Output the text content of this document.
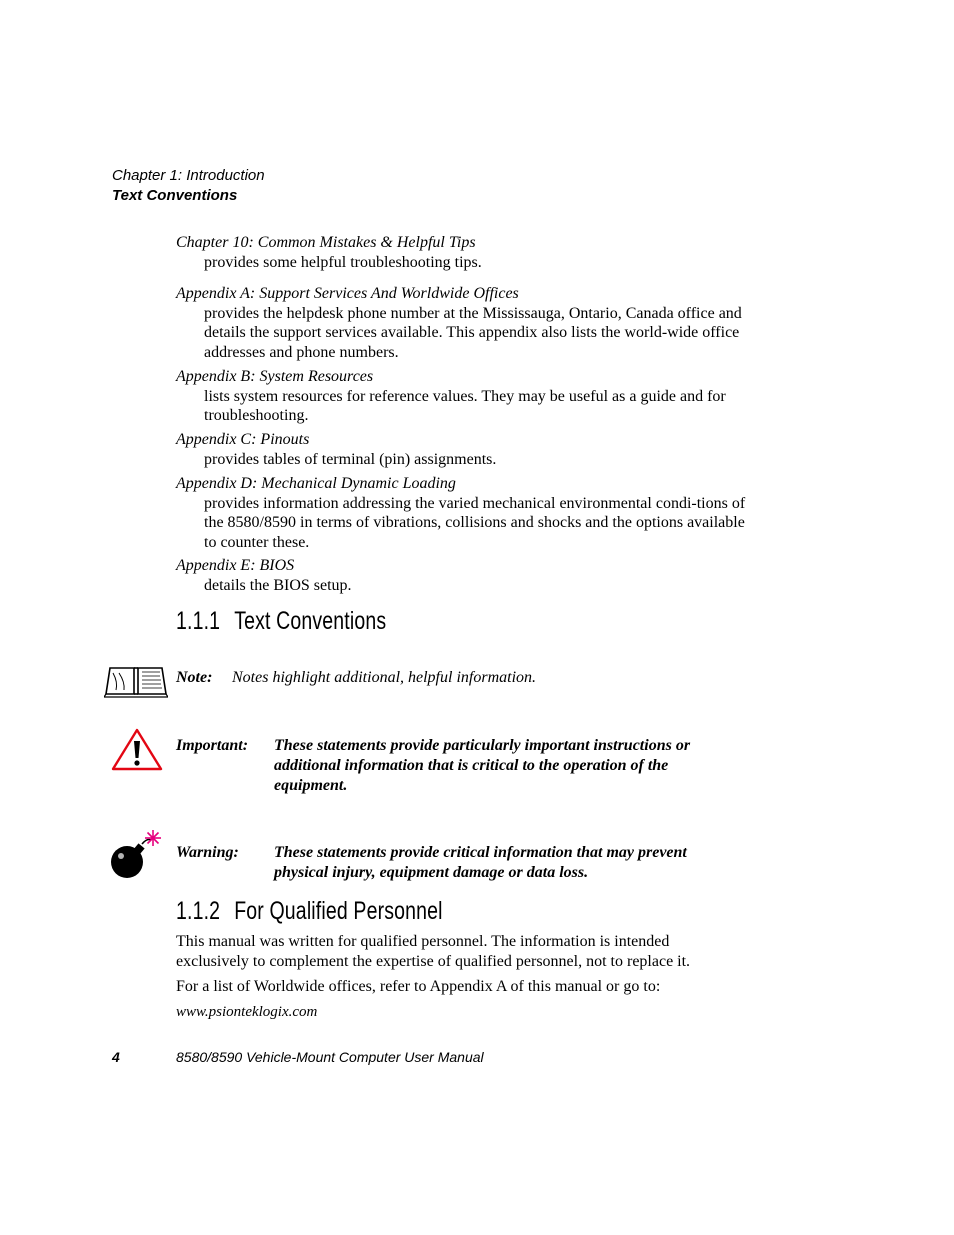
Chapter 1: Introduction
Text Conventions
Chapter 10: Common Mistakes & Helpful Tips
provides some helpful troubleshooting tips.
Appendix A: Support Services And Worldwide Offices
provides the helpdesk phone number at the Mississauga, Ontario, Canada office and details the support services available. This appendix also lists the world-wide office addresses and phone numbers.
Appendix B: System Resources
lists system resources for reference values. They may be useful as a guide and for troubleshooting.
Appendix C: Pinouts
provides tables of terminal (pin) assignments.
Appendix D: Mechanical Dynamic Loading
provides information addressing the varied mechanical environmental condi-tions of the 8580/8590 in terms of vibrations, collisions and shocks and the options available to counter these.
Appendix E: BIOS
details the BIOS setup.
1.1.1 Text Conventions
Note: Notes highlight additional, helpful information.
Important: These statements provide particularly important instructions or additional information that is critical to the operation of the equipment.
Warning: These statements provide critical information that may prevent physical injury, equipment damage or data loss.
1.1.2 For Qualified Personnel
This manual was written for qualified personnel. The information is intended exclusively to complement the expertise of qualified personnel, not to replace it.
For a list of Worldwide offices, refer to Appendix A of this manual or go to:
www.psionteklogix.com
4	8580/8590 Vehicle-Mount Computer User Manual
